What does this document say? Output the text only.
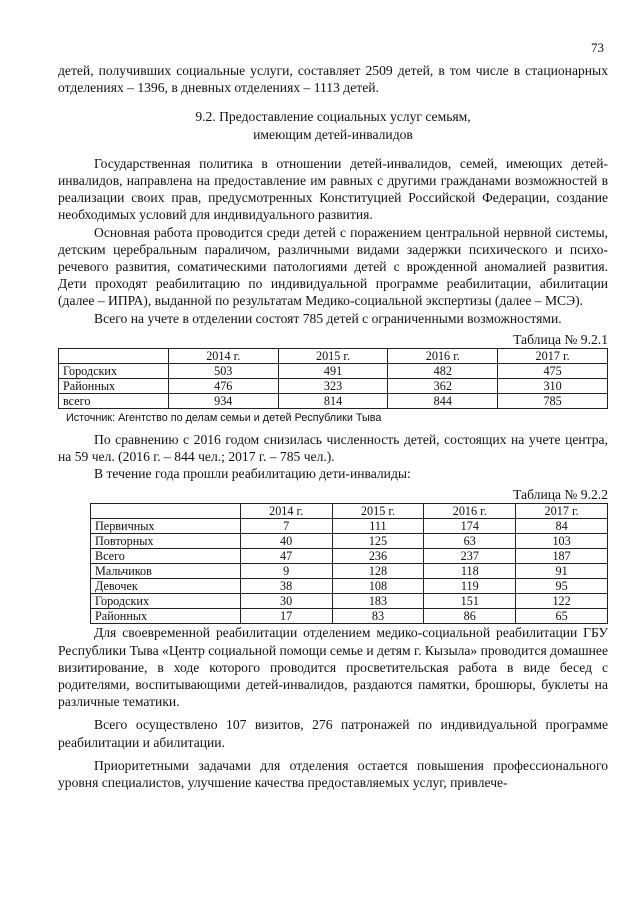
73

детей, получивших социальные услуги, составляет 2509 детей, в том числе в стационарных отделениях – 1396, в дневных отделениях – 1113 детей.

9.2. Предоставление социальных услуг семьям,
имеющим детей-инвалидов

Государственная политика в отношении детей-инвалидов, семей, имеющих детей-инвалидов, направлена на предоставление им равных с другими гражданами возможностей в реализации своих прав, предусмотренных Конституцией Российской Федерации, создание необходимых условий для индивидуального развития.

Основная работа проводится среди детей с поражением центральной нервной системы, детским церебральным параличом, различными видами задержки психического и психо-речевого развития, соматическими патологиями детей с врожденной аномалией развития. Дети проходят реабилитацию по индивидуальной программе реабилитации, абилитации (далее – ИПРА), выданной по результатам Медико-социальной экспертизы (далее – МСЭ).

Всего на учете в отделении состоят 785 детей с ограниченными возможностями.

Таблица № 9.2.1
	2014 г.	2015 г.	2016 г.	2017 г.
Городских	503	491	482	475
Районных	476	323	362	310
всего	934	814	844	785
Источник: Агентство по делам семьи и детей Республики Тыва

По сравнению с 2016 годом снизилась численность детей, состоящих на учете центра, на 59 чел. (2016 г. – 844 чел.; 2017 г. – 785 чел.).

В течение года прошли реабилитацию дети-инвалиды:

Таблица № 9.2.2
	2014 г.	2015 г.	2016 г.	2017 г.
Первичных	7	111	174	84
Повторных	40	125	63	103
Всего	47	236	237	187
Мальчиков	9	128	118	91
Девочек	38	108	119	95
Городских	30	183	151	122
Районных	17	83	86	65

Для своевременной реабилитации отделением медико-социальной реабилитации ГБУ Республики Тыва «Центр социальной помощи семье и детям г. Кызыла» проводится домашнее визитирование, в ходе которого проводится просветительская работа в виде бесед с родителями, воспитывающими детей-инвалидов, раздаются памятки, брошюры, буклеты на различные тематики.

Всего осуществлено 107 визитов, 276 патронажей по индивидуальной программе реабилитации и абилитации.

Приоритетными задачами для отделения остается повышения профессионального уровня специалистов, улучшение качества предоставляемых услуг, привлече-
